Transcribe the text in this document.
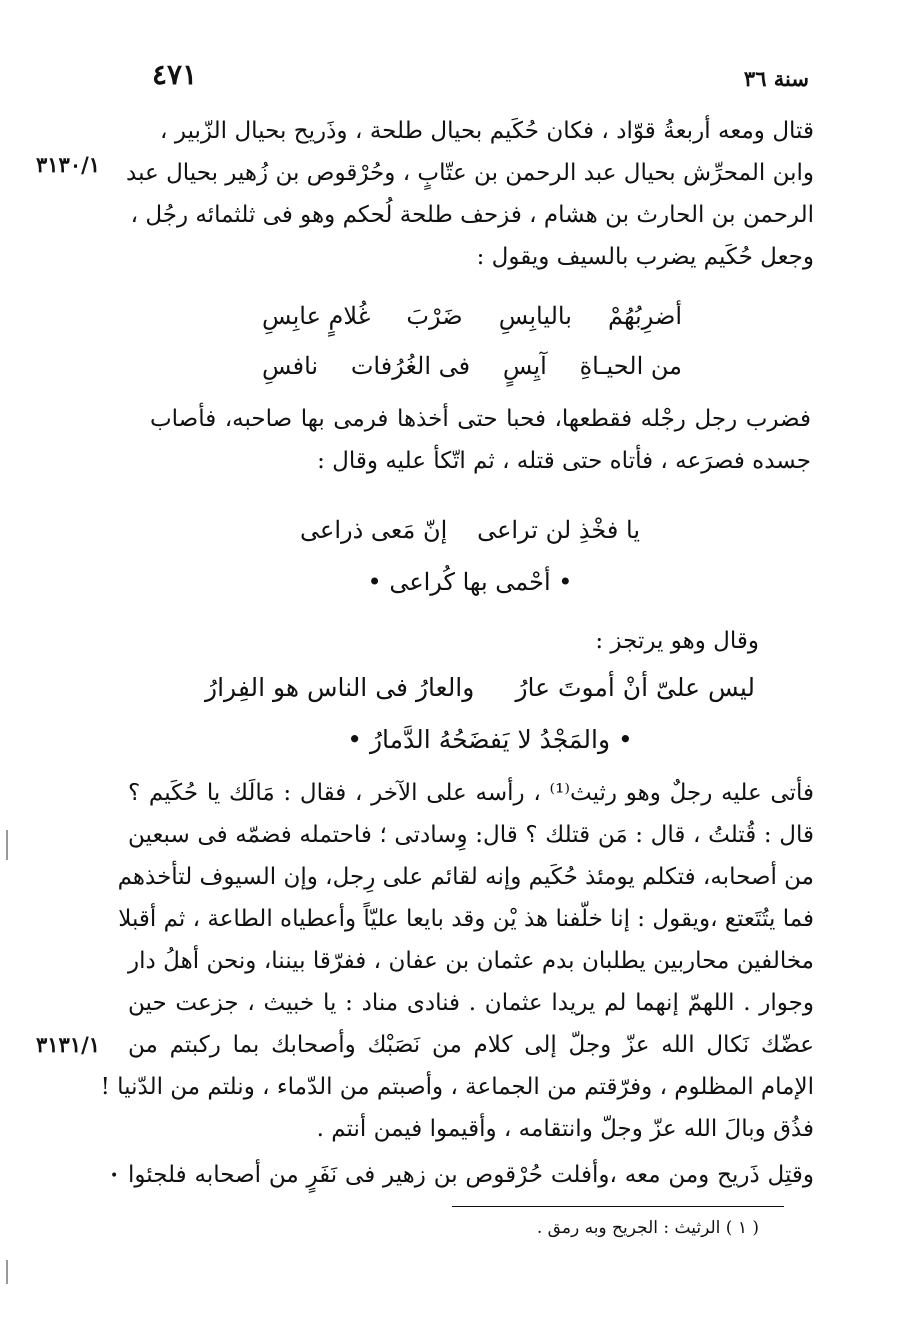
سنة ٣٦
٤٧١
٣١٣٠/١
٣١٣١/١
قتال ومعه أربعةُ قوّاد ، فكان حُكَيم بحيال طلحة ، وذَريح بحيال الزّبير ،
وابن المحرِّش بحيال عبد الرحمن بن عتّابٍ ، وحُرْقوص بن زُهير بحيال عبد
الرحمن بن الحارث بن هشام ، فزحف طلحة لُحكم وهو فى ثلثمائه رجُل ،
وجعل حُكَيم يضرب بالسيف ويقول :
أضرِبُهُمْ
باليابِسِ
ضَرْبَ
غُلامٍ عابِسِ
من الحيـاةِ
آيِسٍ
فى الغُرُفات
نافسِ
فضرب رجل رجْله فقطعها، فحبا حتى أخذها فرمى بها صاحبه، فأصاب
جسده فصرَعه ، فأتاه حتى قتله ، ثم اتّكأ عليه وقال :
يا فخْذِ لن تراعى
إنّ مَعى ذراعى
• أحْمى بها كُراعى •
وقال وهو يرتجز :
ليس علىّ أنْ أموتَ عارُ
والعارُ فى الناس هو الفِرارُ
• والمَجْدُ لا يَفضَحُهُ الدَّمارُ •
فأتى عليه رجلٌ وهو رثيث⁽¹⁾ ، رأسه على الآخر ، فقال : مَالَك يا حُكَيم ؟
قال : قُتلتُ ، قال : مَن قتلك ؟ قال: وِسادتى ؛ فاحتمله فضمّه فى سبعين
من أصحابه، فتكلم يومئذ حُكَيم وإنه لقائم على رِجل، وإن السيوف لتأخذهم
فما يتُتَعتع ،ويقول : إنا خلّفنا هذ يْن وقد بايعا عليّاً وأعطياه الطاعة ، ثم أقبلا
مخالفين محاربين يطلبان بدم عثمان بن عفان ، ففرّقا بيننا، ونحن أهلُ دار
وجوار . اللهمّ إنهما لم يريدا عثمان . فنادى مناد : يا خبيث ، جزعت حين
عضّك نَكال الله عزّ وجلّ إلى كلام من نَصَبْك وأصحابك بما ركبتم من
الإمام المظلوم ، وفرّقتم من الجماعة ، وأصبتم من الدّماء ، ونلتم من الدّنيا !
فذُق وبالَ الله عزّ وجلّ وانتقامه ، وأقيموا فيمن أنتم .
وقتِل ذَريح ومن معه ،وأفلت حُرْقوص بن زهير فى نَفَرٍ من أصحابه فلجئوا
•
( ١ ) الرثيث : الجريح وبه رمق .
